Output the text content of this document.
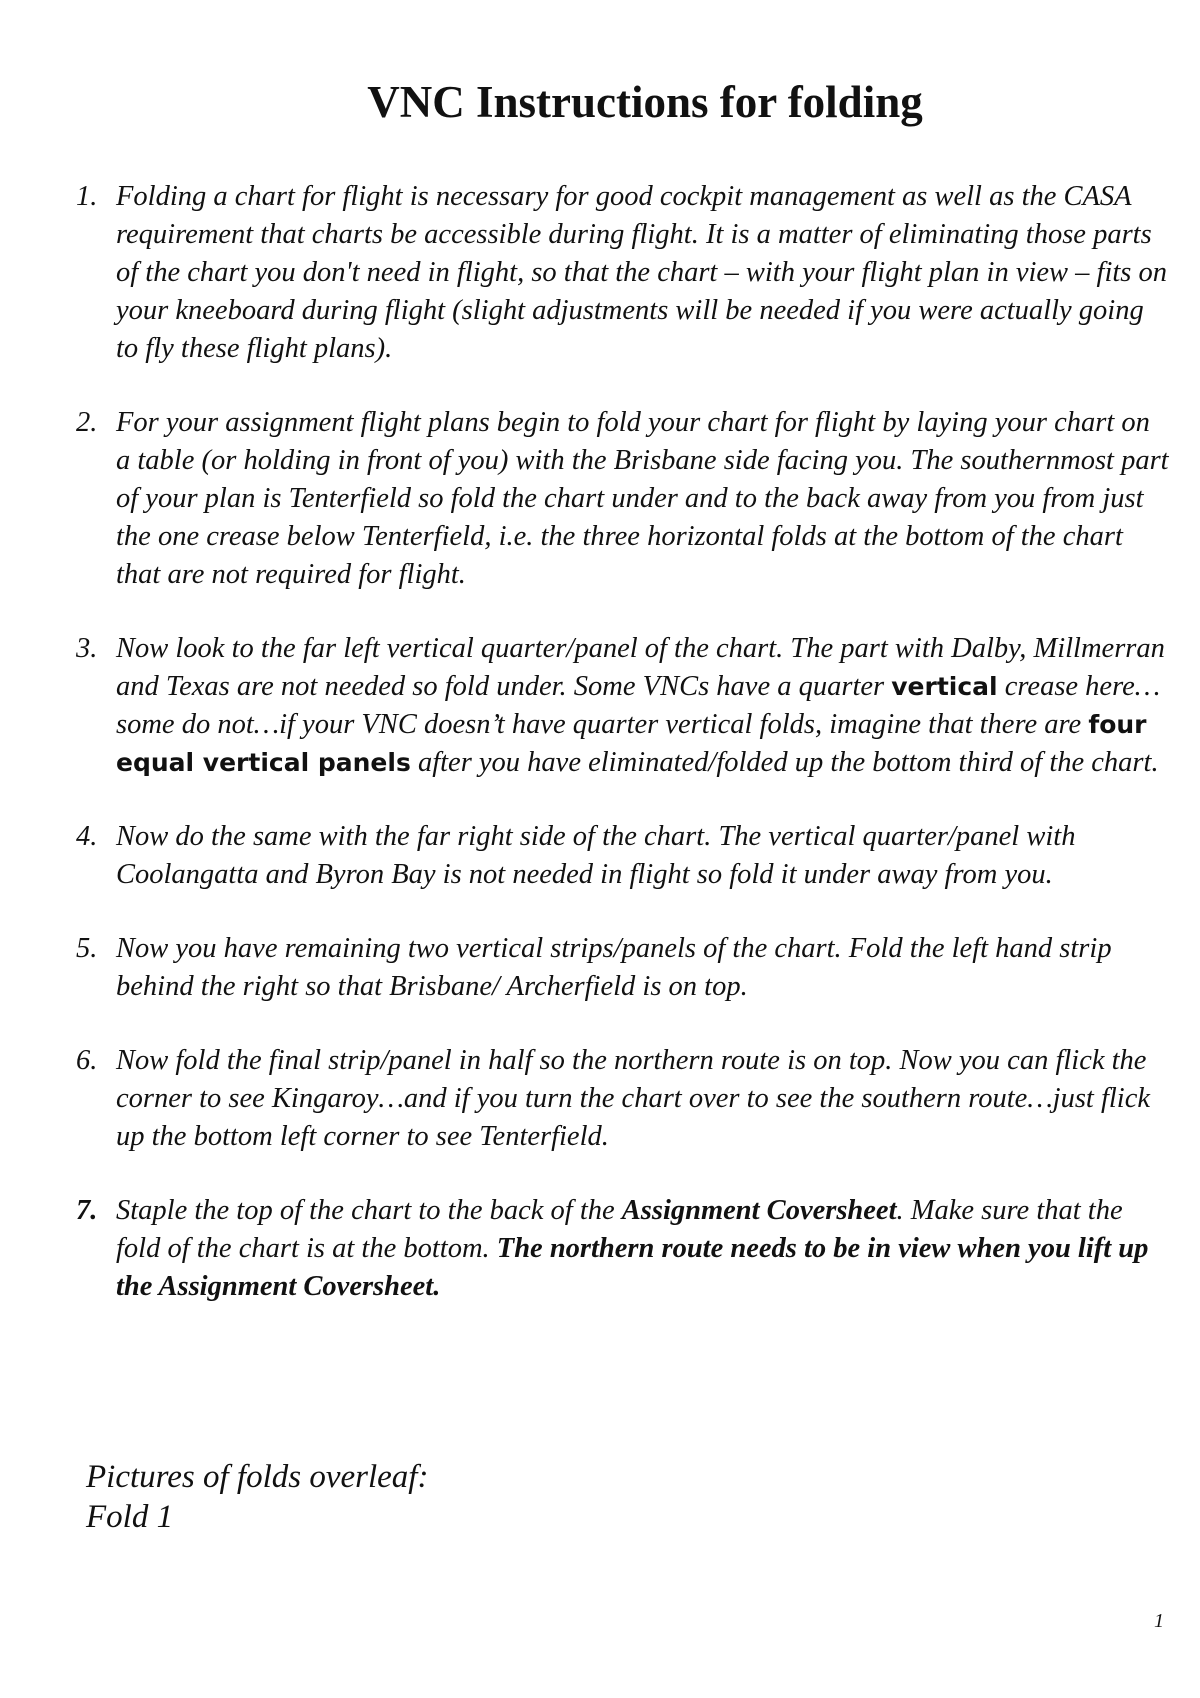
VNC Instructions for folding
1. Folding a chart for flight is necessary for good cockpit management as well as the CASA requirement that charts be accessible during flight. It is a matter of eliminating those parts of the chart you don't need in flight, so that the chart – with your flight plan in view – fits on your kneeboard during flight (slight adjustments will be needed if you were actually going to fly these flight plans).
2. For your assignment flight plans begin to fold your chart for flight by laying your chart on a table (or holding in front of you) with the Brisbane side facing you. The southernmost part of your plan is Tenterfield so fold the chart under and to the back away from you from just the one crease below Tenterfield, i.e. the three horizontal folds at the bottom of the chart that are not required for flight.
3. Now look to the far left vertical quarter/panel of the chart. The part with Dalby, Millmerran and Texas are not needed so fold under. Some VNCs have a quarter vertical crease here…some do not…if your VNC doesn’t have quarter vertical folds, imagine that there are four equal vertical panels after you have eliminated/folded up the bottom third of the chart.
4. Now do the same with the far right side of the chart. The vertical quarter/panel with Coolangatta and Byron Bay is not needed in flight so fold it under away from you.
5. Now you have remaining two vertical strips/panels of the chart. Fold the left hand strip behind the right so that Brisbane/ Archerfield is on top.
6. Now fold the final strip/panel in half so the northern route is on top. Now you can flick the corner to see Kingaroy…and if you turn the chart over to see the southern route…just flick up the bottom left corner to see Tenterfield.
7. Staple the top of the chart to the back of the Assignment Coversheet. Make sure that the fold of the chart is at the bottom. The northern route needs to be in view when you lift up the Assignment Coversheet.
Pictures of folds overleaf:
Fold 1
1
